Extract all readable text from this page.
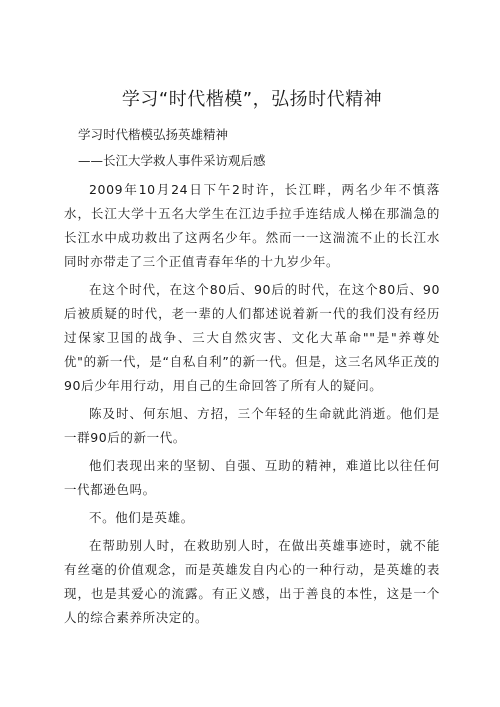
学习“时代楷模”，弘扬时代精神

学习时代楷模弘扬英雄精神

——长江大学救人事件采访观后感

2009年10月24日下午2时许，长江畔，两名少年不慎落水，长江大学十五名大学生在江边手拉手连结成人梯在那湍急的长江水中成功救出了这两名少年。然而一一这湍流不止的长江水同时亦带走了三个正值青春年华的十九岁少年。

在这个时代，在这个80后、90后的时代，在这个80后、90后被质疑的时代，老一辈的人们都述说着新一代的我们没有经历过保家卫国的战争、三大自然灾害、文化大革命""是"养尊处优"的新一代，是“自私自利”的新一代。但是，这三名风华正茂的90后少年用行动，用自己的生命回答了所有人的疑问。

陈及时、何东旭、方招，三个年轻的生命就此消逝。他们是一群90后的新一代。

他们表现出来的坚韧、自强、互助的精神，难道比以往任何一代都逊色吗。

不。他们是英雄。

在帮助别人时，在救助别人时，在做出英雄事迹时，就不能有丝毫的价值观念，而是英雄发自内心的一种行动，是英雄的表现，也是其爱心的流露。有正义感，出于善良的本性，这是一个人的综合素养所决定的。
